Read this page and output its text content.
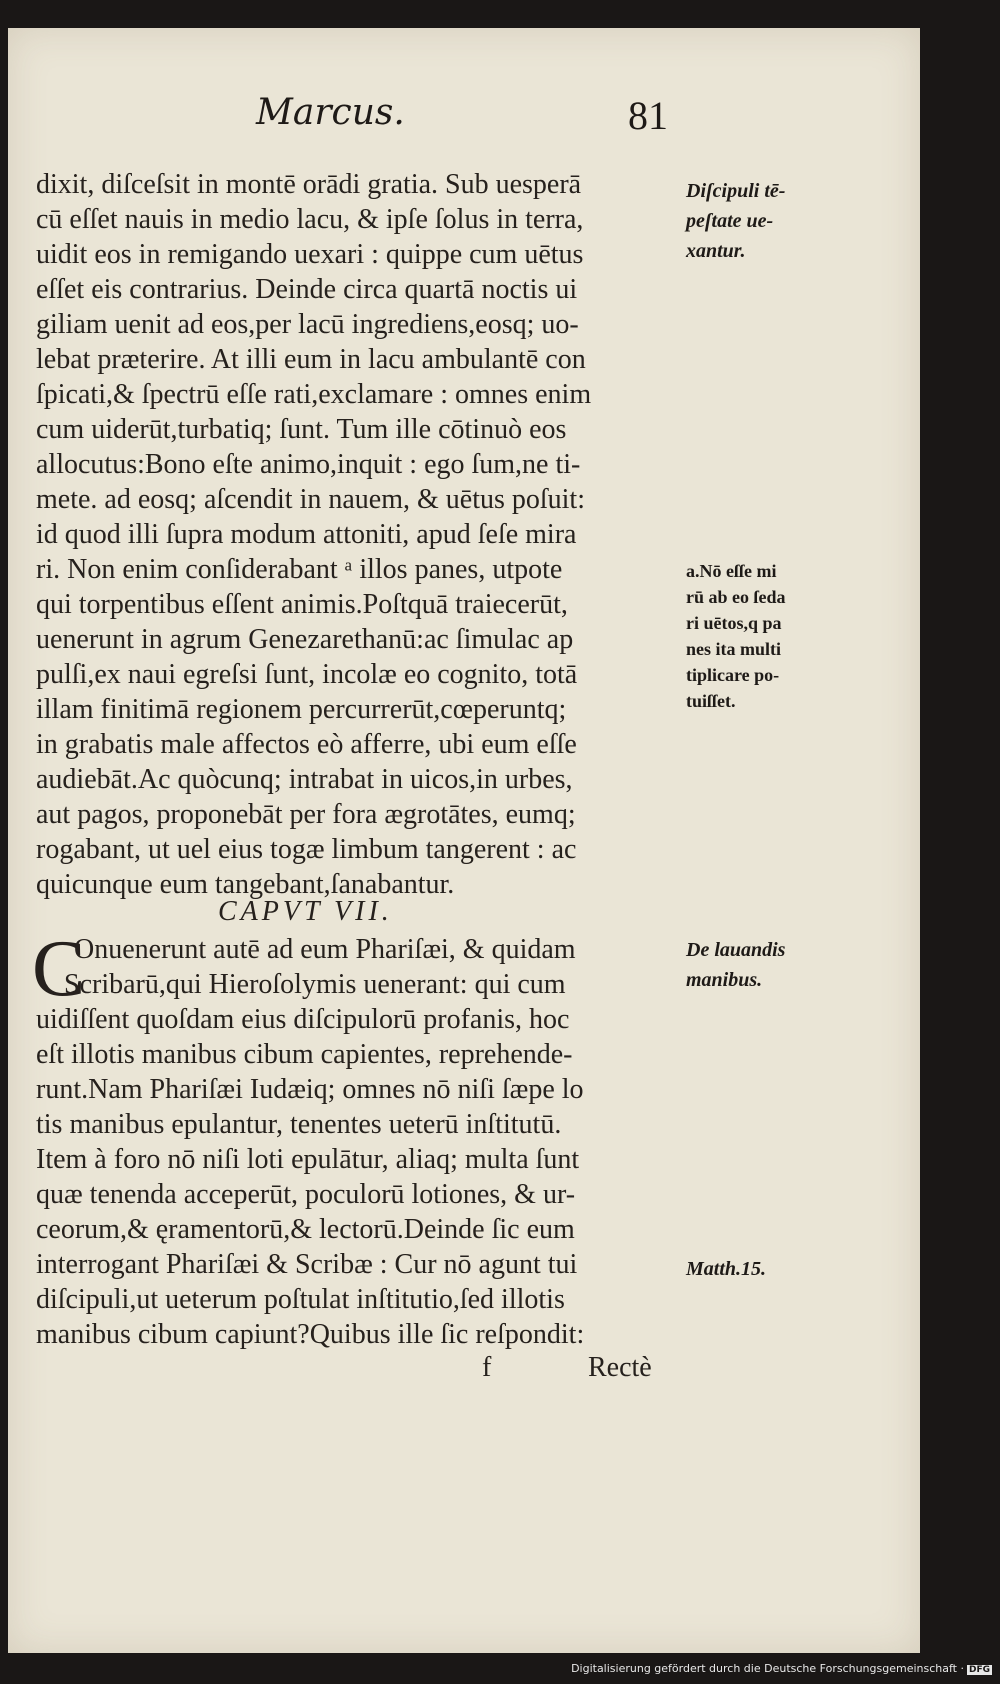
Marcus.	81
dixit, diſceſsit in montē orādi gratia. Sub uesperā
cū eſſet nauis in medio lacu, & ipſe ſolus in terra,
uidit eos in remigando uexari : quippe cum uētus
eſſet eis contrarius. Deinde circa quartā noctis ui
giliam uenit ad eos,per lacū ingrediens,eosq; uo-
lebat præterire. At illi eum in lacu ambulantē con
ſpicati,& ſpectrū eſſe rati,exclamare : omnes enim
cum uiderūt,turbatiq; ſunt. Tum ille cōtinuò eos
allocutus:Bono eſte animo,inquit : ego ſum,ne ti-
mete. ad eosq; aſcendit in nauem, & uētus poſuit:
id quod illi ſupra modum attoniti, apud ſeſe mira
ri. Non enim conſiderabant ᵃ illos panes, utpote
qui torpentibus eſſent animis.Poſtquā traiecerūt,
uenerunt in agrum Genezarethanū:ac ſimulac ap
pulſi,ex naui egreſsi ſunt, incolæ eo cognito, totā
illam finitimā regionem percurrerūt,cœperuntq;
in grabatis male affectos eò afferre, ubi eum eſſe
audiebāt.Ac quòcunq; intrabat in uicos,in urbes,
aut pagos, proponebāt per fora ægrotātes, eumq;
rogabant, ut uel eius togæ limbum tangerent : ac
quicunque eum tangebant,ſanabantur.
CAPVT VII.
C
Onuenerunt autē ad eum Phariſæi, & quidam
Scribarū,qui Hieroſolymis uenerant: qui cum
uidiſſent quoſdam eius diſcipulorū profanis, hoc
eſt illotis manibus cibum capientes, reprehende-
runt.Nam Phariſæi Iudæiq; omnes nō niſi ſæpe lo
tis manibus epulantur, tenentes ueterū inſtitutū.
Item à foro nō niſi loti epulātur, aliaq; multa ſunt
quæ tenenda acceperūt, poculorū lotiones, & ur-
ceorum,& ęramentorū,& lectorū.Deinde ſic eum
interrogant Phariſæi & Scribæ : Cur nō agunt tui
diſcipuli,ut ueterum poſtulat inſtitutio,ſed illotis
manibus cibum capiunt?Quibus ille ſic reſpondit:
f	Rectè
Diſcipuli tē-
peſtate ue-
xantur.
a.Nō eſſe mi
rū ab eo ſeda
ri uētos,q pa
nes ita multi
tiplicare po-
tuiſſet.
De lauandis
manibus.
Matth.15.
Digitalisierung gefördert durch die Deutsche Forschungsgemeinschaft · DFG
